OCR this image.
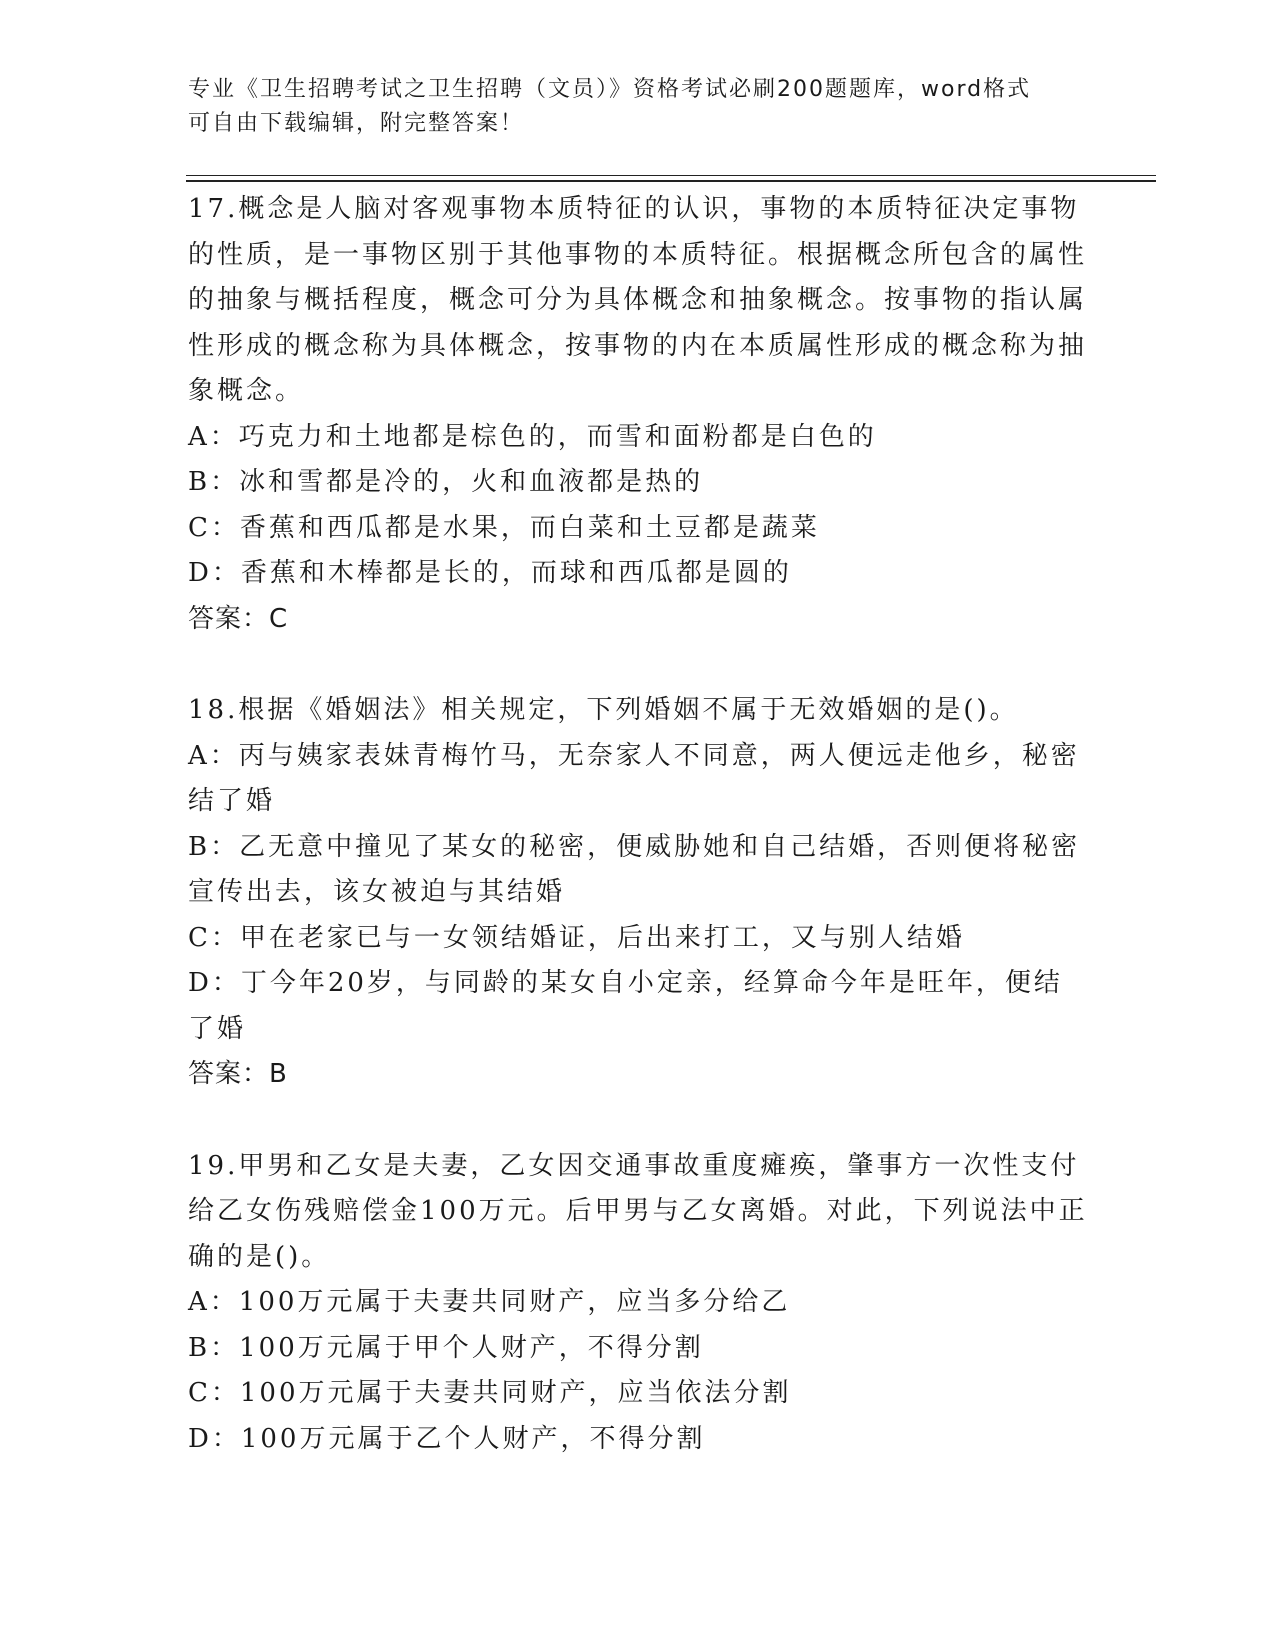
专业《卫生招聘考试之卫生招聘（文员）》资格考试必刷200题题库，word格式
可自由下载编辑，附完整答案！

17.概念是人脑对客观事物本质特征的认识，事物的本质特征决定事物的性质，是一事物区别于其他事物的本质特征。根据概念所包含的属性的抽象与概括程度，概念可分为具体概念和抽象概念。按事物的指认属性形成的概念称为具体概念，按事物的内在本质属性形成的概念称为抽象概念。

A：巧克力和土地都是棕色的，而雪和面粉都是白色的

B：冰和雪都是冷的，火和血液都是热的

C：香蕉和西瓜都是水果，而白菜和土豆都是蔬菜

D：香蕉和木棒都是长的，而球和西瓜都是圆的

答案：C

18.根据《婚姻法》相关规定，下列婚姻不属于无效婚姻的是()。

A：丙与姨家表妹青梅竹马，无奈家人不同意，两人便远走他乡，秘密结了婚

B：乙无意中撞见了某女的秘密，便威胁她和自己结婚，否则便将秘密宣传出去，该女被迫与其结婚

C：甲在老家已与一女领结婚证，后出来打工，又与别人结婚

D：丁今年20岁，与同龄的某女自小定亲，经算命今年是旺年，便结了婚

答案：B

19.甲男和乙女是夫妻，乙女因交通事故重度瘫痪，肇事方一次性支付给乙女伤残赔偿金100万元。后甲男与乙女离婚。对此，下列说法中正确的是()。

A：100万元属于夫妻共同财产，应当多分给乙

B：100万元属于甲个人财产，不得分割

C：100万元属于夫妻共同财产，应当依法分割

D：100万元属于乙个人财产，不得分割
